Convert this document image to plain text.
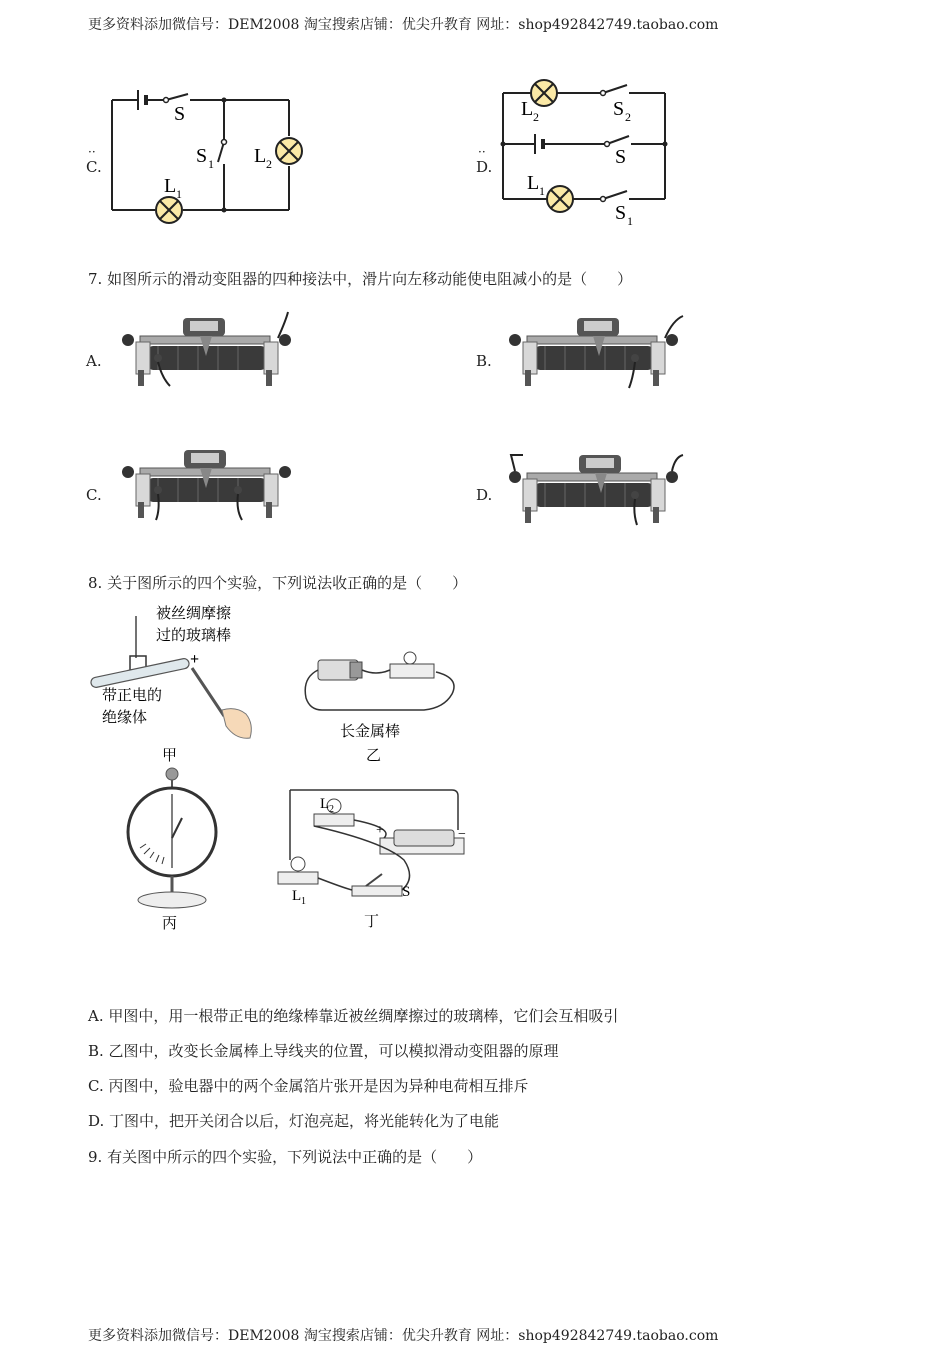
更多资料添加微信号：DEM2008 淘宝搜索店铺：优尖升教育 网址：shop492842749.taobao.com
更多资料添加微信号：DEM2008 淘宝搜索店铺：优尖升教育 网址：shop492842749.taobao.com
C.
··
S
S 1 L 2
L 1
D.
··
L 2	S 2
S
L 1
S 1
7. 如图所示的滑动变阻器的四种接法中，滑片向左移动能使电阻减小的是（　　）
A.	B.
C.	D.
8. 关于图所示的四个实验，下列说法收正确的是（　　）
被丝绸摩擦
过的玻璃棒
+
带正电的
绝缘体
甲
长金属棒
乙
丙
L 2
+	−
L 1
S
丁
A. 甲图中，用一根带正电的绝缘棒靠近被丝绸摩擦过的玻璃棒，它们会互相吸引
B. 乙图中，改变长金属棒上导线夹的位置，可以模拟滑动变阻器的原理
C. 丙图中，验电器中的两个金属箔片张开是因为异种电荷相互排斥
D. 丁图中，把开关闭合以后，灯泡亮起，将光能转化为了电能
9. 有关图中所示的四个实验，下列说法中正确的是（　　）
